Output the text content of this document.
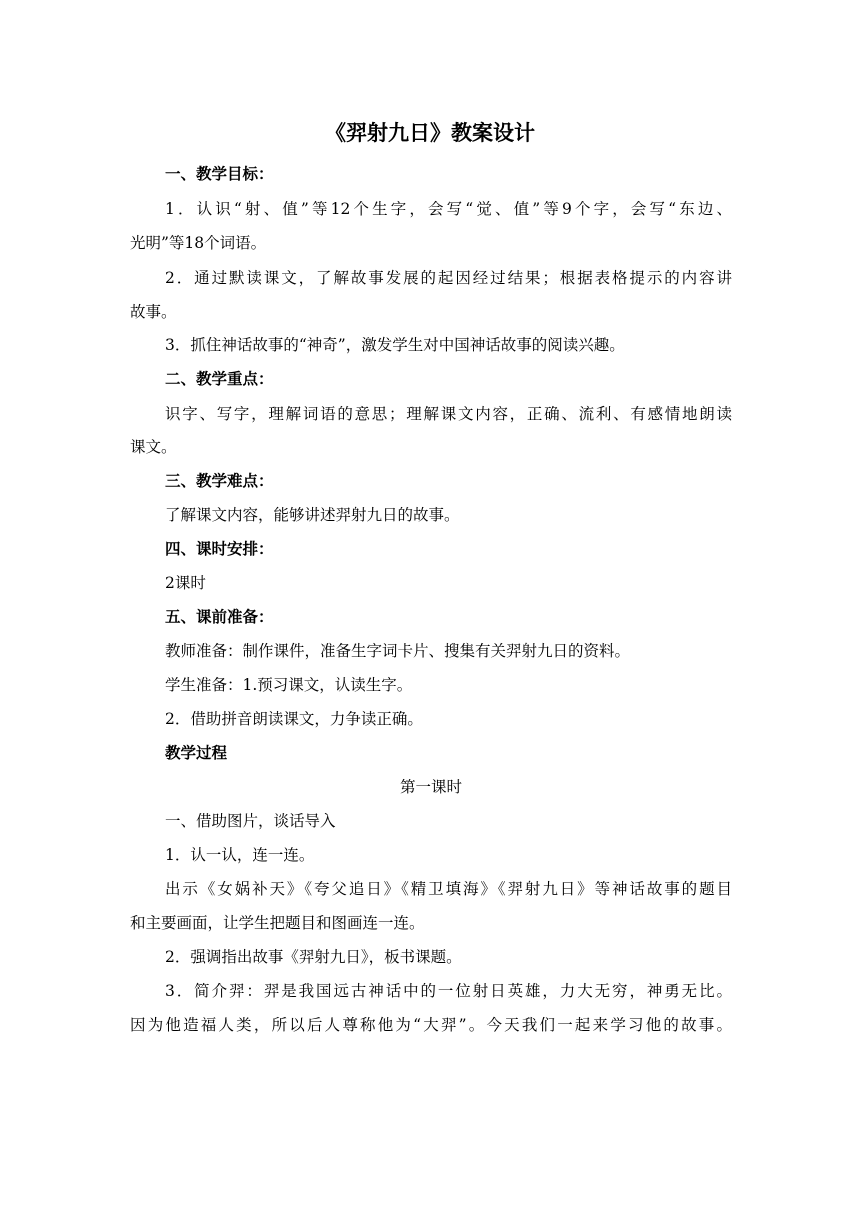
《羿射九日》教案设计
一、教学目标：
1．认识“射、值”等12个生字，会写“觉、值”等9个字，会写“东边、
光明”等18个词语。
2．通过默读课文，了解故事发展的起因经过结果；根据表格提示的内容讲
故事。
3．抓住神话故事的“神奇”，激发学生对中国神话故事的阅读兴趣。
二、教学重点：
识字、写字，理解词语的意思；理解课文内容，正确、流利、有感情地朗读
课文。
三、教学难点：
了解课文内容，能够讲述羿射九日的故事。
四、课时安排：
2课时
五、课前准备：
教师准备：制作课件，准备生字词卡片、搜集有关羿射九日的资料。
学生准备：1.预习课文，认读生字。
2．借助拼音朗读课文，力争读正确。
教学过程
第一课时
一、借助图片，谈话导入
1．认一认，连一连。
出示《女娲补天》《夸父追日》《精卫填海》《羿射九日》等神话故事的题目
和主要画面，让学生把题目和图画连一连。
2．强调指出故事《羿射九日》，板书课题。
3．简介羿：羿是我国远古神话中的一位射日英雄，力大无穷，神勇无比。
因为他造福人类，所以后人尊称他为“大羿”。今天我们一起来学习他的故事。
